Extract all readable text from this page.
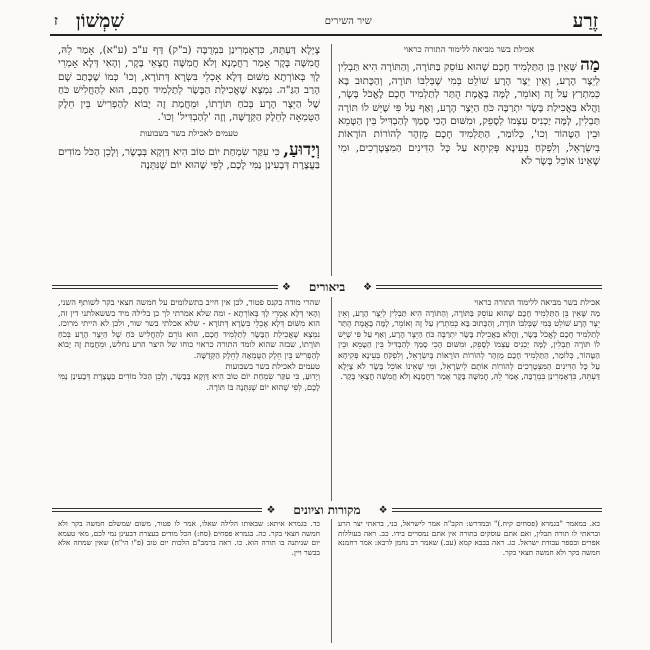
זֶרַע
שיר השירים
שִׁמְשׁוֹן
ז

אכילת בשר מביאה ללימוד התורה כראוי

מַה שֶּׁאֵין בֵּן הַתַּלְמִיד חָכָם שֶׁהוּא עוֹסֵק בַּתּוֹרָה, וְהַתּוֹרָה הִיא תַּבְלִין לְיֵצֶר הָרָע, וְאֵין יֵצֶר הָרָע שׁוֹלֵט בְּמִי שֶׁבְּלִבּוֹ תּוֹרָה, וְהַכָּתוּב בָּא כְּמִתְרַץ עַל זֶה וְאוֹמֵר, לָמָּה בֶּאֱמֶת הֻתַּר לְתַלְמִיד חָכָם לֶאֱכֹל בָּשָׂר, וַהֲלֹא בַּאֲכִילַת בָּשָׂר יִתְרַבֶּה כֹּחַ הַיֵּצֶר הָרָע, וְאַף עַל פִּי שֶׁיֵּשׁ לוֹ תּוֹרָה תַּבְלִין, לָמָּה יַכְנִיס עַצְמוֹ לְסָפֵק, וּמִשּׁוּם הָכִי סָמַךְ לְהַבְדִּיל בֵּין הַטָּמֵא וּבֵין הַטָּהוֹר וְכוּ', כְּלוֹמַר, הַתַּלְמִיד חָכָם מֻזְהָר לְהוֹרוֹת הוֹרָאוֹת בְּיִשְׂרָאֵל, וְלִפְקֹחַ בְּעֵינָא פְּקִיחָא עַל כָּל הַדִּינִים הַמִּצְטָרְכִים, וּמִי שֶׁאֵינוֹ אוֹכֵל בָּשָׂר לֹא

צָיְלָא דַּעְתֵּהּ, כִּדְאָמְרִינַן בִּמְרֻבָּה (ב"ק) דַּף ע"ב (ע"א), אָמַר לֵהּ, חֲמִשָּׁה בָּקָר אָמַר רַחֲמָנָא וְלֹא חֲמִשָּׁה חֲצָאֵי בָּקָר, וְהָאִי דְּלָא אָמְרֵי לָךְ בְּאוֹרְתָא מִשּׁוּם דְּלָא אָכְלֵי בִּשְׂרָא דְּתוֹרָא, וְכוּ' כְּמוֹ שֶׁכָּתַב שָׁם הָרַב הַגַּ"ה. נִמְצָא שֶׁאֲכִילַת הַבָּשָׂר לְתַלְמִיד חָכָם, הוּא לְהַחֲלִישׁ כֹּחַ שֶׁל הַיֵּצֶר הָרָע בְּכֹחַ תּוֹרָתוֹ, וּמֵחֲמַת זֶה יָבוֹא לְהַפְרִישׁ בֵּין חֵלֶק הַטֻּמְאָה לְחֵלֶק הַקְּדֻשָּׁה, וְזֶה 'לְהַבְדִּיל' וְכוּ'.

טעמים לאכילת בשר בשבועות

וְיָדוּעַ, כִּי עִקַּר שִׂמְחַת יוֹם טוֹב הִיא דַּוְקָא בְּבָשָׂר, וְלָכֵן הַכֹּל מוֹדִים בַּעֲצֶרֶת דְּבָעִינַן נַמִּי לָכֶם, לְפִי שֶׁהוּא יוֹם שֶׁנִּתְּנָה

❖
ביאורים
❖
אכילת בשר מביאה ללימוד התורה כראוי
מַה שֶּׁאֵין בֵּן הַתַּלְמִיד חָכָם שֶׁהוּא עוֹסֵק בַּתּוֹרָה, וְהַתּוֹרָה הִיא תַּבְלִין לְיֵצֶר הָרָע, וְאֵין יֵצֶר הָרָע שׁוֹלֵט בְּמִי שֶׁבְּלִבּוֹ תּוֹרָה, וְהַכָּתוּב בָּא כְּמִתְרַץ עַל זֶה וְאוֹמֵר, לָמָּה בֶּאֱמֶת הֻתַּר לְתַלְמִיד חָכָם לֶאֱכֹל בָּשָׂר, וַהֲלֹא בַּאֲכִילַת בָּשָׂר יִתְרַבֶּה כֹּחַ הַיֵּצֶר הָרָע, וְאַף עַל פִּי שֶׁיֵּשׁ לוֹ תּוֹרָה תַּבְלִין, לָמָּה יַכְנִיס עַצְמוֹ לְסָפֵק, וּמִשּׁוּם הָכִי סָמַךְ לְהַבְדִּיל בֵּין הַטָּמֵא וּבֵין הַטָּהוֹר, כְּלוֹמַר, הַתַּלְמִיד חָכָם מֻזְהָר לְהוֹרוֹת הוֹרָאוֹת בְּיִשְׂרָאֵל, וְלִפְקֹחַ בְּעֵינָא פְּקִיחָא עַל כָּל הַדִּינִים הַמִּצְטָרְכִים לְהוֹרוֹת אוֹתָם לְיִשְׂרָאֵל, וּמִי שֶׁאֵינוֹ אוֹכֵל בָּשָׂר לֹא צָיְלָא דַּעְתֵּהּ, כִּדְאָמְרִינַן בִּמְרֻבָּה, אָמַר לֵהּ, חֲמִשָּׁה בָּקָר אָמַר רַחֲמָנָא וְלֹא חֲמִשָּׁה חֲצָאֵי בָּקָר.
שהרי מודה בקנס פטור, לכן אין חייב בתשלומים על חמשה חצאי בקר לשותף השני, וְהָאִי דְּלָא אָמְרֵי לָךְ בְּאוֹרְתָא - ומה שלא אמרתי לך כן בלילה מיד כששאלתני דין זה, הוא מִשּׁוּם דְּלָא אָכְלֵי בִּשְׂרָא דְּתוֹרָא - שלא אכלתי בשר שור, ולכן לא הייתי מרוכז. נִמְצָא שֶׁאֲכִילַת הַבָּשָׂר לְתַלְמִיד חָכָם, הוּא גּוֹרֵם לְהַחֲלִישׁ כֹּחַ שֶׁל הַיֵּצֶר הָרָע בְּכֹחַ תּוֹרָתוֹ, שבזה שהוא לומד התורה כראוי כוחו של היצר הרע נחלש, וּמֵחֲמַת זֶה יָבוֹא לְהַפְרִישׁ בֵּין חֵלֶק הַטֻּמְאָה לְחֵלֶק הַקְּדֻשָּׁה.
טעמים לאכילת בשר בשבועות
וְיָדוּעַ, כִּי עִקַּר שִׂמְחַת יוֹם טוֹב הִיא דַּוְקָא בְּבָשָׂר, וְלָכֵן הַכֹּל מוֹדִים בַּעֲצֶרֶת דְּבָעִינַן נַמִּי לָכֶם, לְפִי שֶׁהוּא יוֹם שֶׁנִּתְּנָה בּוֹ תּוֹרָה.
❖
מקורות וציונים
❖
כא. במאמר "בגמרא (פסחים קיח.)" ובמדרש: הקב"ה אמר לישראל, בני, בראתי יצר הרע ובראתי לו תורה תבלין, ואם אתם עוסקים בתורה אין אתם נמסרים בידו. כב. ראה בעוללות אפרים ובספר עבודת ישראל. כג. ראה בבבא קמא (עב.) שאמר רב נחמן לרבא: אמר רחמנא חמשה בקר ולא חמשה חצאי בקר.
כד. בגמרא איתא: שבאותו הלילה שאלו, אמר לו פטור, משום שמשלם חמשה בקר ולא חמשה חצאי בקר. כה. בגמרא פסחים (סח:) הכל מודים בעצרת דבעינן נמי לכם, מאי טעמא יום שניתנה בו תורה הוא. כו. ראה ברמב"ם הלכות יום טוב (פ"ו הי"ח) שאין שמחה אלא בבשר ויין.
